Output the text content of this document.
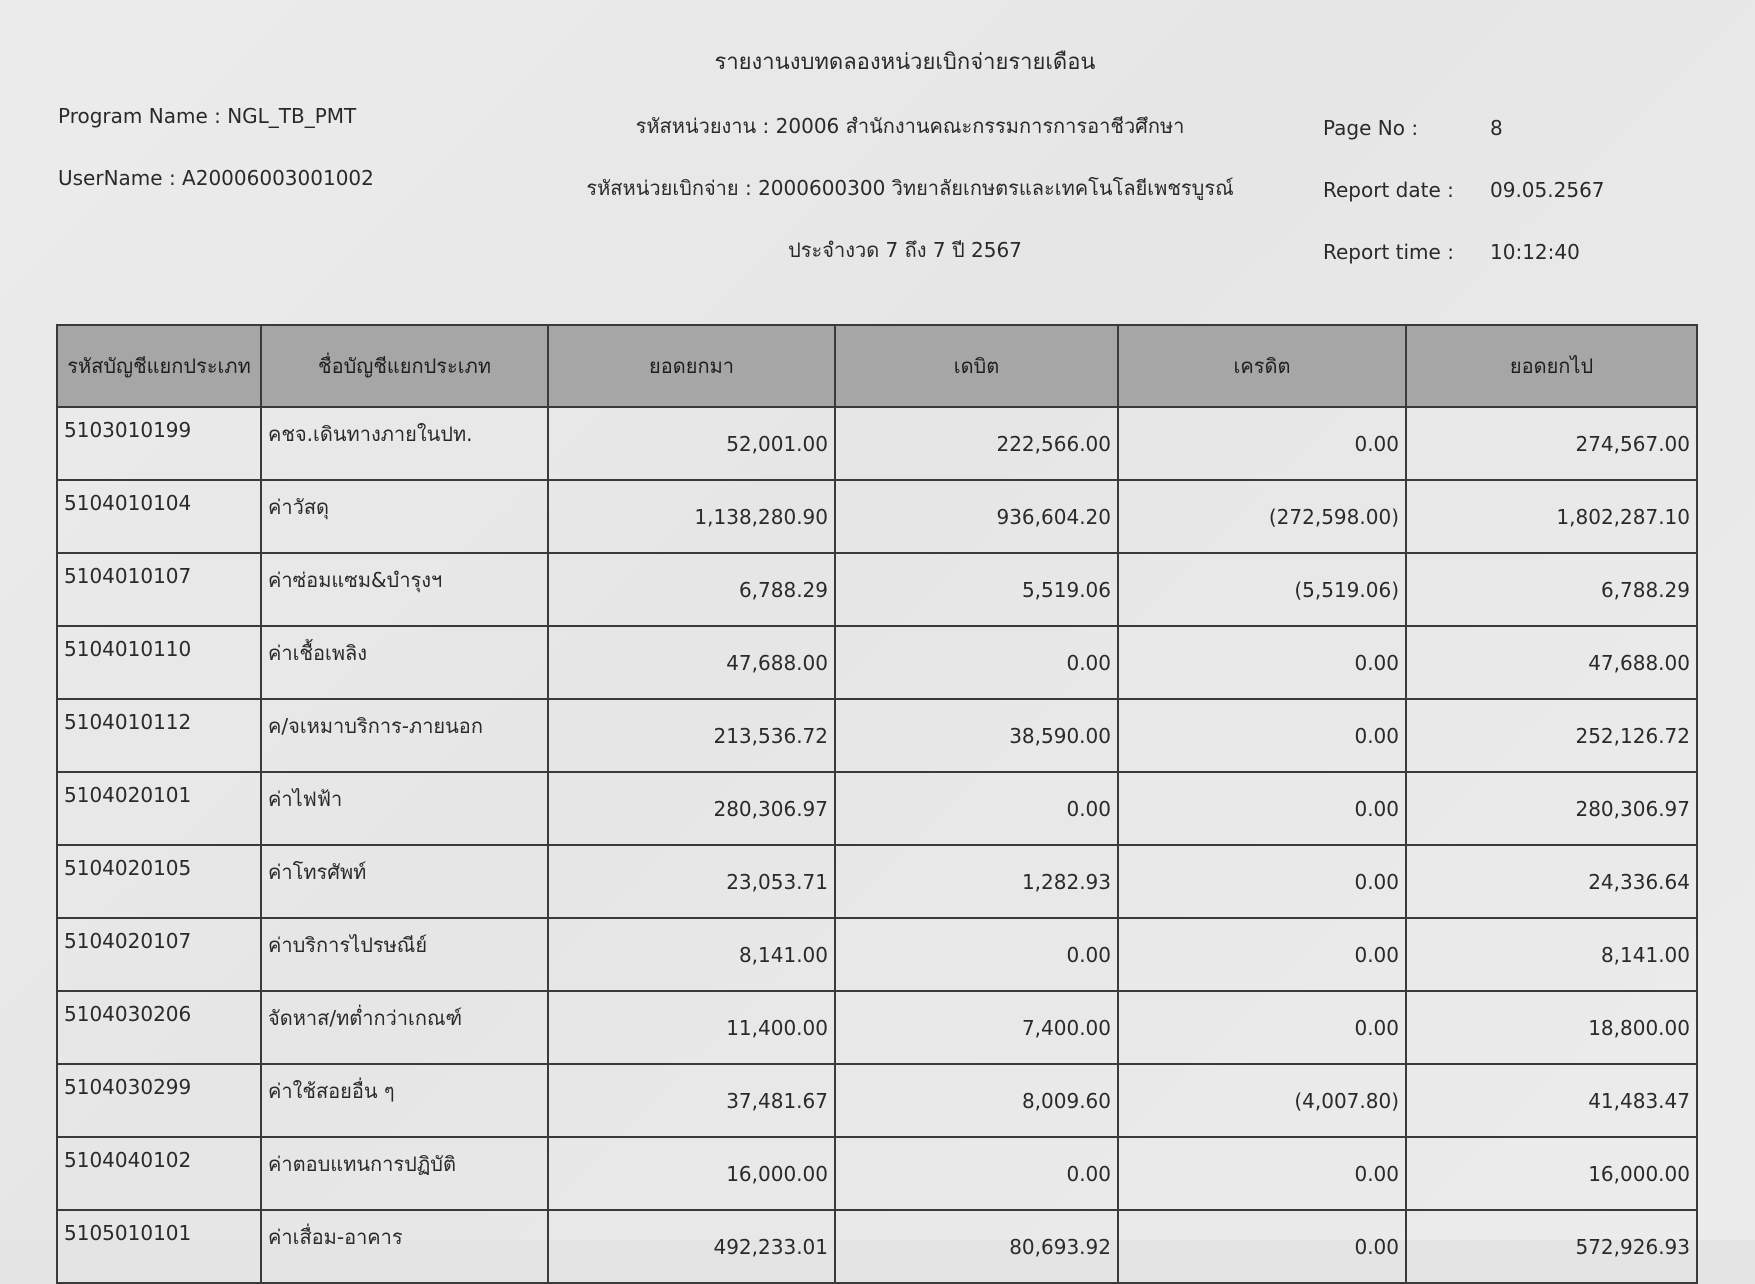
รายงานงบทดลองหน่วยเบิกจ่ายรายเดือน
Program Name : NGL_TB_PMT
UserName : A20006003001002
รหัสหน่วยงาน : 20006 สำนักงานคณะกรรมการการอาชีวศึกษา
รหัสหน่วยเบิกจ่าย : 2000600300 วิทยาลัยเกษตรและเทคโนโลยีเพชรบูรณ์
ประจำงวด 7 ถึง 7 ปี 2567
Page No :	8
Report date : 09.05.2567
Report time : 10:12:40
รหัสบัญชีแยกประเภท	ชื่อบัญชีแยกประเภท	ยอดยกมา	เดบิต	เครดิต	ยอดยกไป
5103010199	คชจ.เดินทางภายในปท.	52,001.00	222,566.00	0.00	274,567.00
5104010104	ค่าวัสดุ	1,138,280.90	936,604.20	(272,598.00)	1,802,287.10
5104010107	ค่าซ่อมแซม&บำรุงฯ	6,788.29	5,519.06	(5,519.06)	6,788.29
5104010110	ค่าเชื้อเพลิง	47,688.00	0.00	0.00	47,688.00
5104010112	ค/จเหมาบริการ-ภายนอก	213,536.72	38,590.00	0.00	252,126.72
5104020101	ค่าไฟฟ้า	280,306.97	0.00	0.00	280,306.97
5104020105	ค่าโทรศัพท์	23,053.71	1,282.93	0.00	24,336.64
5104020107	ค่าบริการไปรษณีย์	8,141.00	0.00	0.00	8,141.00
5104030206	จัดหาส/ทต่ำกว่าเกณฑ์	11,400.00	7,400.00	0.00	18,800.00
5104030299	ค่าใช้สอยอื่น ๆ	37,481.67	8,009.60	(4,007.80)	41,483.47
5104040102	ค่าตอบแทนการปฏิบัติ	16,000.00	0.00	0.00	16,000.00
5105010101	ค่าเสื่อม-อาคาร	492,233.01	80,693.92	0.00	572,926.93
